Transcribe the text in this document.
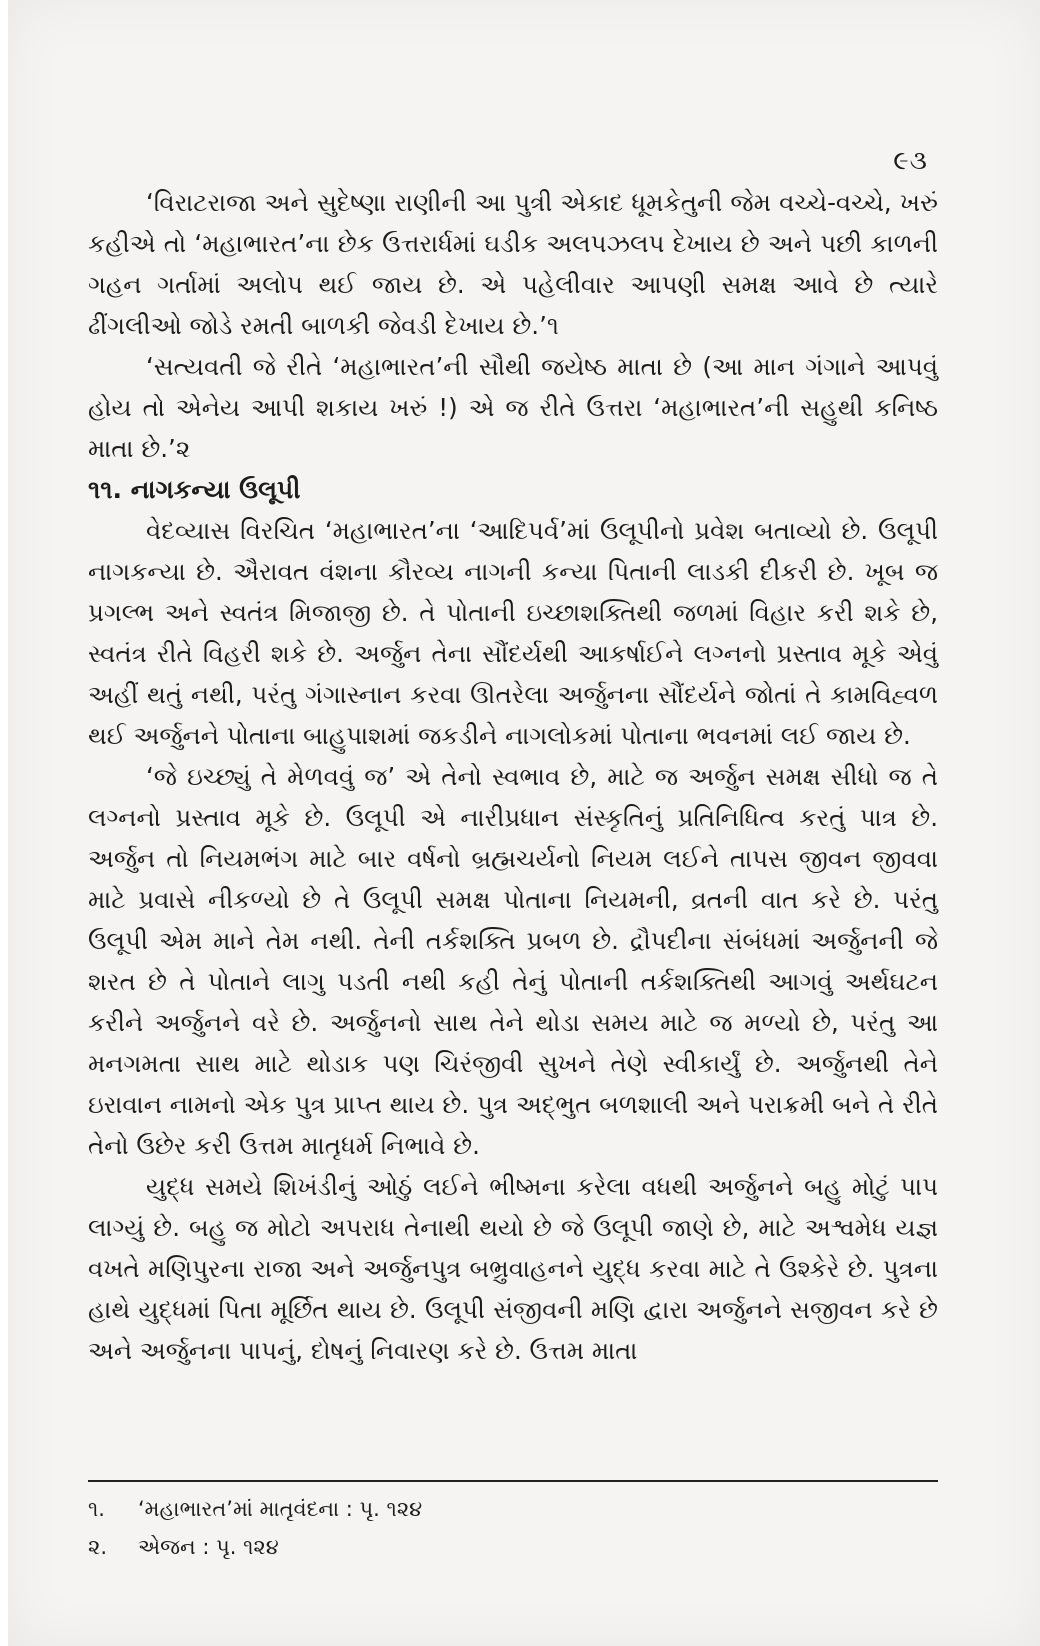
૯૩

‘વિરાટરાજા અને સુદેષ્ણા રાણીની આ પુત્રી એકાદ ધૂમકેતુની જેમ વચ્ચે-વચ્ચે, ખરું કહીએ તો ‘મહાભારત’ના છેક ઉત્તરાર્ધમાં ઘડીક અલપઝલપ દેખાય છે અને પછી કાળની ગહન ગર્તામાં અલોપ થઈ જાય છે. એ પહેલીવાર આપણી સમક્ષ આવે છે ત્યારે ઢીંગલીઓ જોડે રમતી બાળકી જેવડી દેખાય છે.’૧

‘સત્યવતી જે રીતે ‘મહાભારત’ની સૌથી જયેષ્ઠ માતા છે (આ માન ગંગાને આપવું હોય તો એનેય આપી શકાય ખરું !) એ જ રીતે ઉત્તરા ‘મહાભારત’ની સહુથી કનિષ્ઠ માતા છે.’૨

૧૧. નાગકન્યા ઉલૂપી

વેદવ્યાસ વિરચિત ‘મહાભારત’ના ‘આદિપર્વ’માં ઉલૂપીનો પ્રવેશ બતાવ્યો છે. ઉલૂપી નાગકન્યા છે. ઐરાવત વંશના કૌરવ્ય નાગની કન્યા પિતાની લાડકી દીકરી છે. ખૂબ જ પ્રગલ્ભ અને સ્વતંત્ર મિજાજી છે. તે પોતાની ઇચ્છાશક્તિથી જળમાં વિહાર કરી શકે છે, સ્વતંત્ર રીતે વિહરી શકે છે. અર્જુન તેના સૌંદર્યથી આકર્ષાઈને લગ્નનો પ્રસ્તાવ મૂકે એવું અહીં થતું નથી, પરંતુ ગંગાસ્નાન કરવા ઊતરેલા અર્જુનના સૌંદર્યને જોતાં તે કામવિહ્વળ થઈ અર્જુનને પોતાના બાહુપાશમાં જકડીને નાગલોકમાં પોતાના ભવનમાં લઈ જાય છે.

‘જે ઇચ્છ્યું તે મેળવવું જ’ એ તેનો સ્વભાવ છે, માટે જ અર્જુન સમક્ષ સીધો જ તે લગ્નનો પ્રસ્તાવ મૂકે છે. ઉલૂપી એ નારીપ્રધાન સંસ્કૃતિનું પ્રતિનિધિત્વ કરતું પાત્ર છે. અર્જુન તો નિયમભંગ માટે બાર વર્ષનો બ્રહ્મચર્યનો નિયમ લઈને તાપસ જીવન જીવવા માટે પ્રવાસે નીકળ્યો છે તે ઉલૂપી સમક્ષ પોતાના નિયમની, વ્રતની વાત કરે છે. પરંતુ ઉલૂપી એમ માને તેમ નથી. તેની તર્કશક્તિ પ્રબળ છે. દ્રૌપદીના સંબંધમાં અર્જુનની જે શરત છે તે પોતાને લાગુ પડતી નથી કહી તેનું પોતાની તર્કશક્તિથી આગવું અર્થઘટન કરીને અર્જુનને વરે છે. અર્જુનનો સાથ તેને થોડા સમય માટે જ મળ્યો છે, પરંતુ આ મનગમતા સાથ માટે થોડાક પણ ચિરંજીવી સુખને તેણે સ્વીકાર્યું છે. અર્જુનથી તેને ઇરાવાન નામનો એક પુત્ર પ્રાપ્ત થાય છે. પુત્ર અદ્ભુત બળશાલી અને પરાક્રમી બને તે રીતે તેનો ઉછેર કરી ઉત્તમ માતૃધર્મ નિભાવે છે.

યુદ્ધ સમયે શિખંડીનું ઓઠું લઈને ભીષ્મના કરેલા વધથી અર્જુનને બહુ મોટું પાપ લાગ્યું છે. બહુ જ મોટો અપરાધ તેનાથી થયો છે જે ઉલૂપી જાણે છે, માટે અશ્વમેધ યજ્ઞ વખતે મણિપુરના રાજા અને અર્જુનપુત્ર બભ્રુવાહનને યુદ્ધ કરવા માટે તે ઉશ્કેરે છે. પુત્રના હાથે યુદ્ધમાં પિતા મૂર્છિત થાય છે. ઉલૂપી સંજીવની મણિ દ્વારા અર્જુનને સજીવન કરે છે અને અર્જુનના પાપનું, દોષનું નિવારણ કરે છે. ઉત્તમ માતા

૧.	‘મહાભારત’માં માતૃવંદના : પૃ. ૧૨૪
૨.	એજન : પૃ. ૧૨૪
